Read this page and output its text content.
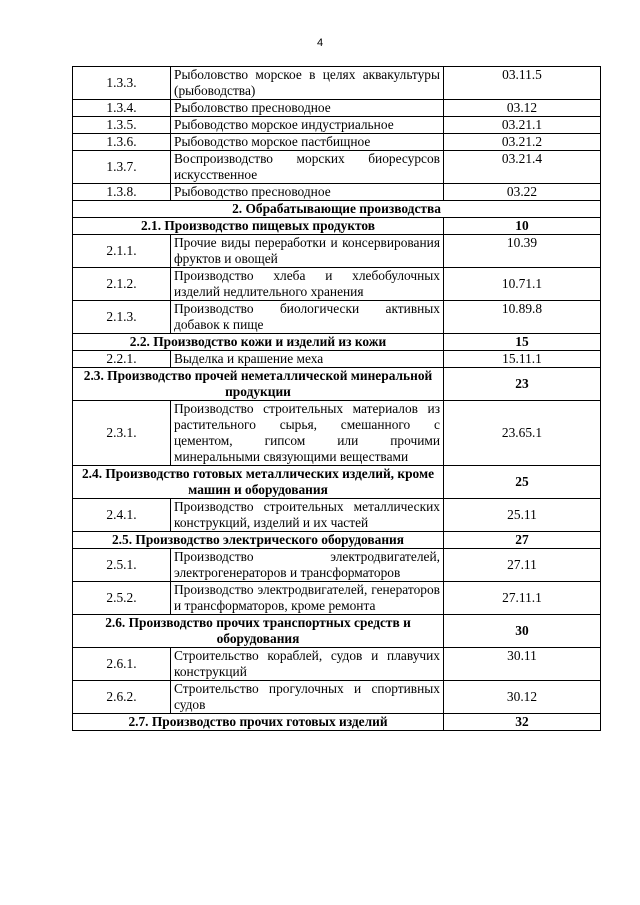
4
1.3.3.	Рыболовство морское в целях аквакультуры (рыбоводства)	03.11.5
1.3.4.	Рыболовство пресноводное	03.12
1.3.5.	Рыбоводство морское индустриальное	03.21.1
1.3.6.	Рыбоводство морское пастбищное	03.21.2
1.3.7.	Воспроизводство морских биоресурсов искусственное	03.21.4
1.3.8.	Рыбоводство пресноводное	03.22
2. Обрабатывающие производства		
2.1. Производство пищевых продуктов		10
2.1.1.	Прочие виды переработки и консервирования фруктов и овощей	10.39
2.1.2.	Производство хлеба и хлебобулочных изделий недлительного хранения	10.71.1
2.1.3.	Производство биологически активных добавок к пище	10.89.8
2.2. Производство кожи и изделий из кожи		15
2.2.1.	Выделка и крашение меха	15.11.1
2.3. Производство прочей неметаллической минеральной продукции		23
2.3.1.	Производство строительных материалов из растительного сырья, смешанного с цементом, гипсом или прочими минеральными связующими веществами	23.65.1
2.4. Производство готовых металлических изделий, кроме машин и оборудования		25
2.4.1.	Производство строительных металлических конструкций, изделий и их частей	25.11
2.5. Производство электрического оборудования		27
2.5.1.	Производство электродвигателей, электрогенераторов и трансформаторов	27.11
2.5.2.	Производство электродвигателей, генераторов и трансформаторов, кроме ремонта	27.11.1
2.6. Производство прочих транспортных средств и оборудования		30
2.6.1.	Строительство кораблей, судов и плавучих конструкций	30.11
2.6.2.	Строительство прогулочных и спортивных судов	30.12
2.7. Производство прочих готовых изделий		32
